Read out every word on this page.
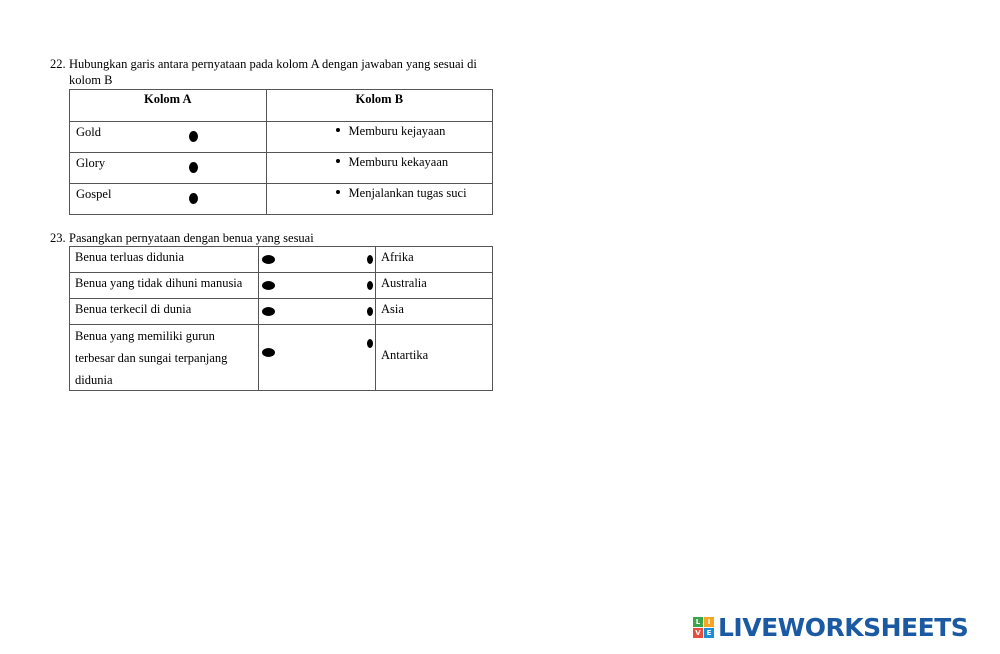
22. Hubungkan garis antara pernyataan pada kolom A dengan jawaban yang sesuai di kolom B
Kolom A	Kolom B

Gold	Memburu kejayaan

Glory	Memburu kekayaan

Gospel	Menjalankan tugas suci
23. Pasangkan pernyataan dengan benua yang sesuai
Benua terluas didunia		Afrika

Benua yang tidak dihuni manusia		Australia

Benua terkecil di dunia		Asia

Benua yang memiliki gurun
terbesar dan sungai terpanjang
didunia		Antartika
L	I
V E LIVEWORKSHEETS
